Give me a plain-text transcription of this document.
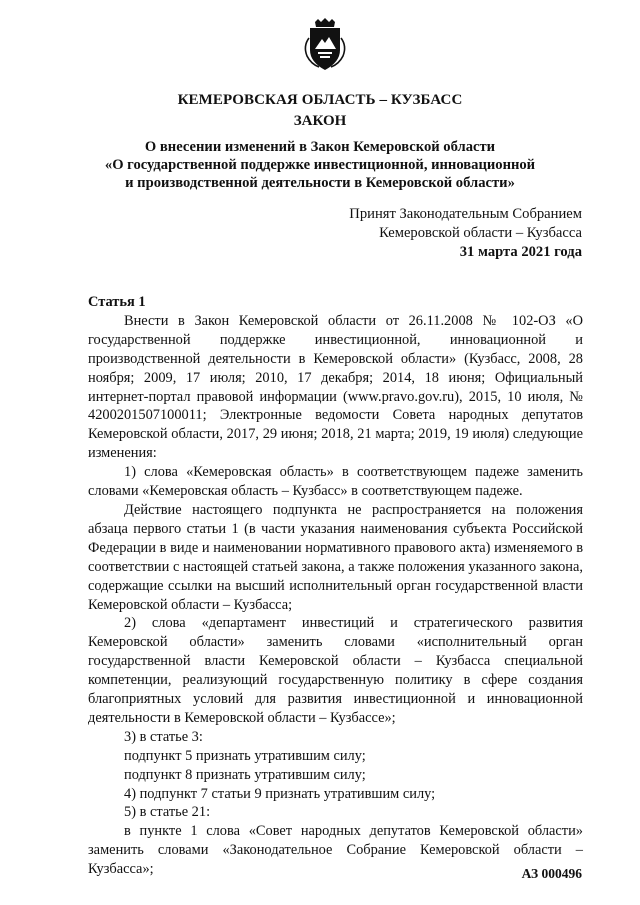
КЕМЕРОВСКАЯ ОБЛАСТЬ – КУЗБАСС
ЗАКОН
О внесении изменений в Закон Кемеровской области
«О государственной поддержке инвестиционной, инновационной
и производственной деятельности в Кемеровской области»
Принят Законодательным Собранием
Кемеровской области – Кузбасса
31 марта 2021 года

Статья 1

Внести в Закон Кемеровской области от 26.11.2008 № 102-ОЗ «О государственной поддержке инвестиционной, инновационной и производственной деятельности в Кемеровской области» (Кузбасс, 2008, 28 ноября; 2009, 17 июля; 2010, 17 декабря; 2014, 18 июня; Официальный интернет-портал правовой информации (www.pravo.gov.ru), 2015, 10 июля, № 4200201507100011; Электронные ведомости Совета народных депутатов Кемеровской области, 2017, 29 июня; 2018, 21 марта; 2019, 19 июля) следующие изменения:

1) слова «Кемеровская область» в соответствующем падеже заменить словами «Кемеровская область – Кузбасс» в соответствующем падеже.

Действие настоящего подпункта не распространяется на положения абзаца первого статьи 1 (в части указания наименования субъекта Российской Федерации в виде и наименовании нормативного правового акта) изменяемого в соответствии с настоящей статьей закона, а также положения указанного закона, содержащие ссылки на высший исполнительный орган государственной власти Кемеровской области – Кузбасса;

2) слова «департамент инвестиций и стратегического развития Кемеровской области» заменить словами «исполнительный орган государственной власти Кемеровской области – Кузбасса специальной компетенции, реализующий государственную политику в сфере создания благоприятных условий для развития инвестиционной и инновационной деятельности в Кемеровской области – Кузбассе»;

3) в статье 3:

подпункт 5 признать утратившим силу;

подпункт 8 признать утратившим силу;

4) подпункт 7 статьи 9 признать утратившим силу;

5) в статье 21:

в пункте 1 слова «Совет народных депутатов Кемеровской области» заменить словами «Законодательное Собрание Кемеровской области – Кузбасса»;	АЗ 000496
